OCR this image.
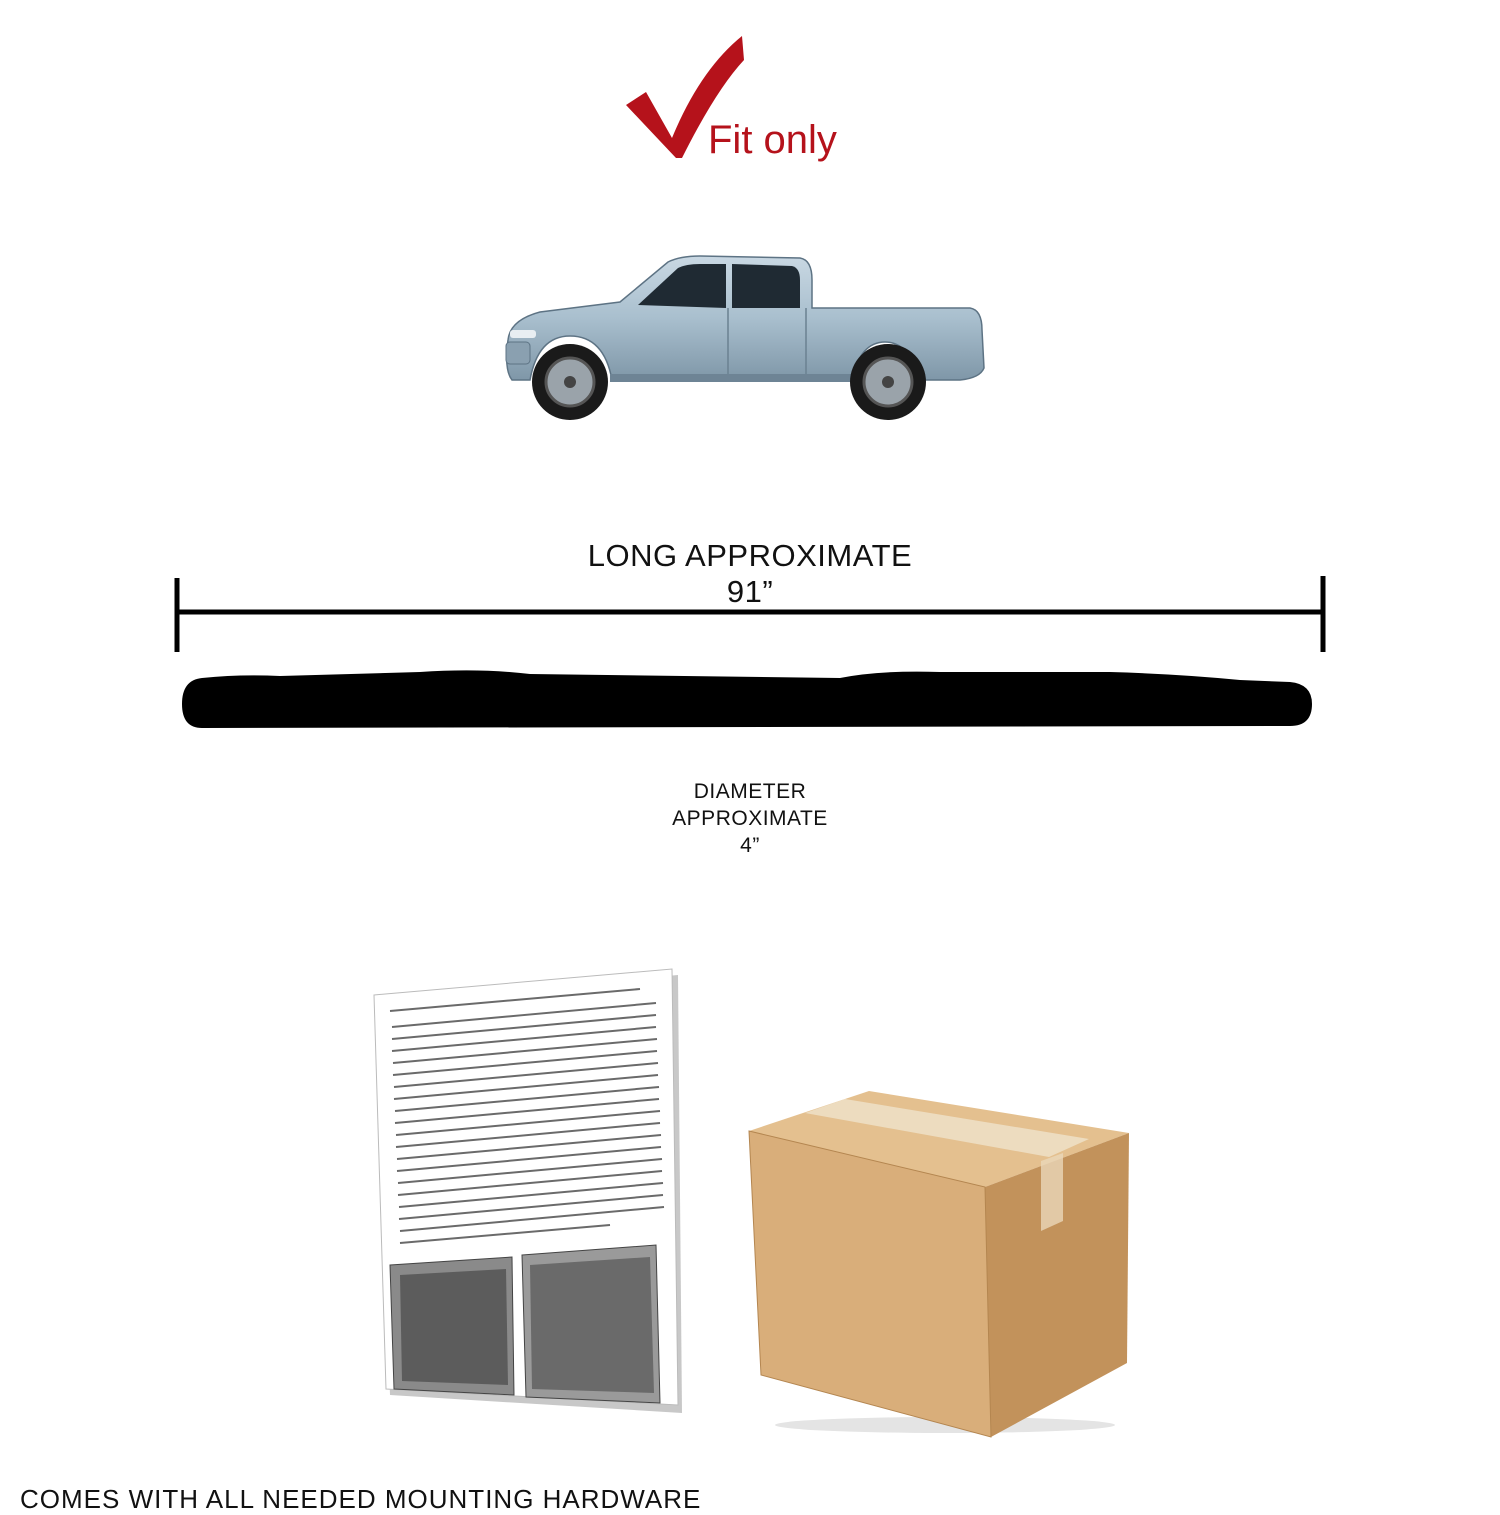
Fit only
LONG APPROXIMATE
91”
DIAMETER
APPROXIMATE
4”
COMES WITH ALL NEEDED MOUNTING HARDWARE
